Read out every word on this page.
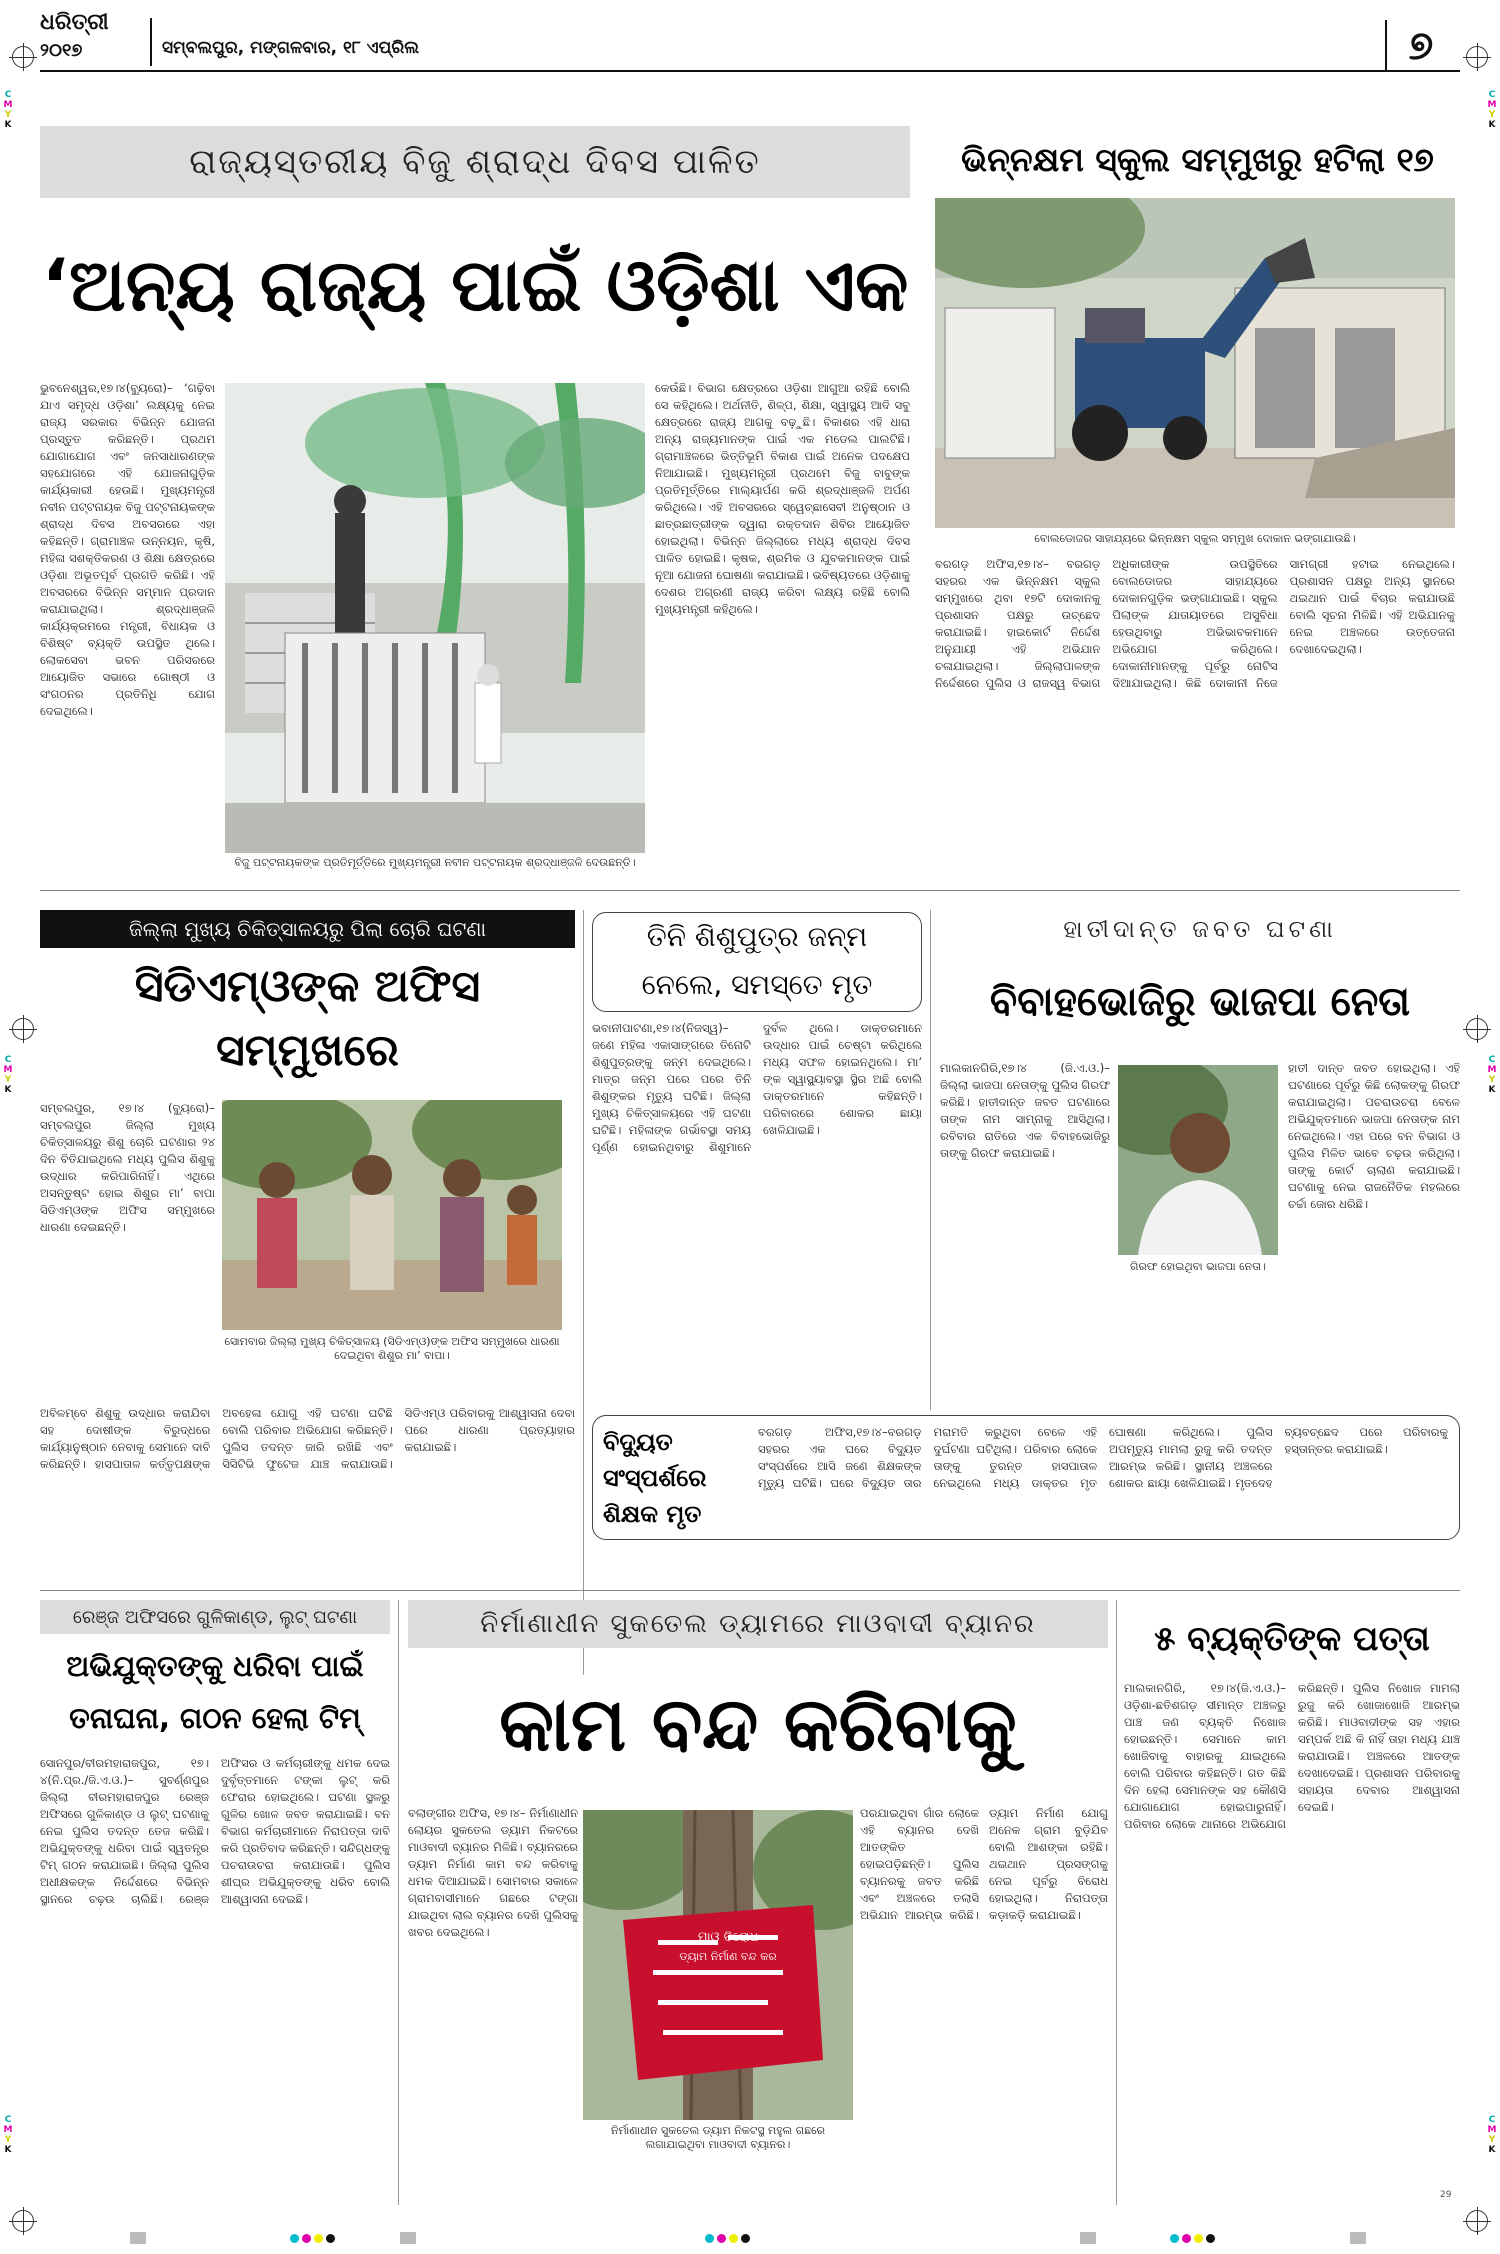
C
M
Y
K
C
M
Y
K
C
M
Y
K
C
M
Y
K
C
M
Y
K
C
M
Y
K
ଧରିତ୍ରୀ
୨୦୧୭	ସମ୍ବଲପୁର, ମଙ୍ଗଳବାର, ୧୮ ଏପ୍ରିଲ	୭
ରାଜ୍ୟସ୍ତରୀୟ ବିଜୁ ଶ୍ରାଦ୍ଧ ଦିବସ ପାଳିତ
‘ଅନ୍ୟ ରାଜ୍ୟ ପାଇଁ ଓଡ଼ିଶା ଏକ
ଭୁବନେଶ୍ୱର,୧୭।୪(ବ୍ୟୁରୋ)– ‘ଗଢ଼ିବା ଯାଏ ସମୃଦ୍ଧ ଓଡ଼ିଶା’ ଲକ୍ଷ୍ୟକୁ ନେଇ ରାଜ୍ୟ ସରକାର ବିଭିନ୍ନ ଯୋଜନା ପ୍ରସ୍ତୁତ କରିଛନ୍ତି। ପ୍ରଥମ ଯୋଗାଯୋଗ ଏବଂ ଜନସାଧାରଣଙ୍କ ସହଯୋଗରେ ଏହି ଯୋଜନାଗୁଡ଼ିକ କାର୍ଯ୍ୟକାରୀ ହେଉଛି। ମୁଖ୍ୟମନ୍ତ୍ରୀ ନବୀନ ପଟ୍ଟନାୟକ ବିଜୁ ପଟ୍ଟନାୟକଙ୍କ ଶ୍ରାଦ୍ଧ ଦିବସ ଅବସରରେ ଏହା କହିଛନ୍ତି। ଗ୍ରାମାଞ୍ଚଳ ଉନ୍ନୟନ, କୃଷି, ମହିଳା ସଶକ୍ତିକରଣ ଓ ଶିକ୍ଷା କ୍ଷେତ୍ରରେ ଓଡ଼ିଶା ଅଭୂତପୂର୍ବ ପ୍ରଗତି କରିଛି। ଏହି ଅବସରରେ ବିଭିନ୍ନ ସମ୍ମାନ ପ୍ରଦାନ କରାଯାଇଥିଲା। ଶ୍ରଦ୍ଧାଞ୍ଜଳି କାର୍ଯ୍ୟକ୍ରମରେ ମନ୍ତ୍ରୀ, ବିଧାୟକ ଓ ବିଶିଷ୍ଟ ବ୍ୟକ୍ତି ଉପସ୍ଥିତ ଥିଲେ। ଲୋକସେବା ଭବନ ପରିସରରେ ଆୟୋଜିତ ସଭାରେ ଗୋଷ୍ଠୀ ଓ ସଂଗଠନର ପ୍ରତିନିଧି ଯୋଗ ଦେଇଥିଲେ।
ବିଜୁ ପଟ୍ଟନାୟକଙ୍କ ପ୍ରତିମୂର୍ତ୍ତିରେ ମୁଖ୍ୟମନ୍ତ୍ରୀ ନବୀନ ପଟ୍ଟନାୟକ ଶ୍ରଦ୍ଧାଞ୍ଜଳି ଦେଉଛନ୍ତି।
କେଉଁଛି। ବିଭାଗ କ୍ଷେତ୍ରରେ ଓଡ଼ିଶା ଆଗୁଆ ରହିଛି ବୋଲି ସେ କହିଥିଲେ। ଅର୍ଥନୀତି, ଶିଳ୍ପ, ଶିକ୍ଷା, ସ୍ୱାସ୍ଥ୍ୟ ଆଦି ସବୁ କ୍ଷେତ୍ରରେ ରାଜ୍ୟ ଆଗକୁ ବଢ଼ୁଛି। ବିକାଶର ଏହି ଧାରା ଅନ୍ୟ ରାଜ୍ୟମାନଙ୍କ ପାଇଁ ଏକ ମଡେଲ ପାଲଟିଛି। ଗ୍ରାମାଞ୍ଚଳରେ ଭିତ୍ତିଭୂମି ବିକାଶ ପାଇଁ ଅନେକ ପଦକ୍ଷେପ ନିଆଯାଇଛି। ମୁଖ୍ୟମନ୍ତ୍ରୀ ପ୍ରଥମେ ବିଜୁ ବାବୁଙ୍କ ପ୍ରତିମୂର୍ତ୍ତିରେ ମାଲ୍ୟାର୍ପଣ କରି ଶ୍ରଦ୍ଧାଞ୍ଜଳି ଅର୍ପଣ କରିଥିଲେ। ଏହି ଅବସରରେ ସ୍ୱେଚ୍ଛାସେବୀ ଅନୁଷ୍ଠାନ ଓ ଛାତ୍ରଛାତ୍ରୀଙ୍କ ଦ୍ୱାରା ରକ୍ତଦାନ ଶିବିର ଆୟୋଜିତ ହୋଇଥିଲା। ବିଭିନ୍ନ ଜିଲ୍ଲାରେ ମଧ୍ୟ ଶ୍ରାଦ୍ଧ ଦିବସ ପାଳିତ ହୋଇଛି। କୃଷକ, ଶ୍ରମିକ ଓ ଯୁବକମାନଙ୍କ ପାଇଁ ନୂଆ ଯୋଜନା ଘୋଷଣା କରାଯାଇଛି। ଭବିଷ୍ୟତରେ ଓଡ଼ିଶାକୁ ଦେଶର ଅଗ୍ରଣୀ ରାଜ୍ୟ କରିବା ଲକ୍ଷ୍ୟ ରହିଛି ବୋଲି ମୁଖ୍ୟମନ୍ତ୍ରୀ କହିଥିଲେ।
ଭିନ୍ନକ୍ଷମ ସ୍କୁଲ ସମ୍ମୁଖରୁ ହଟିଲା ୧୭
ବୋଲଡୋଜର ସାହାଯ୍ୟରେ ଭିନ୍ନକ୍ଷମ ସ୍କୁଲ ସମ୍ମୁଖ ଦୋକାନ ଭଙ୍ଗାଯାଉଛି।
ବରଗଡ଼ ଅଫିସ,୧୭।୪– ବରଗଡ଼ ସହରର ଏକ ଭିନ୍ନକ୍ଷମ ସ୍କୁଲ ସମ୍ମୁଖରେ ଥିବା ୧୭ଟି ଦୋକାନକୁ ପ୍ରଶାସନ ପକ୍ଷରୁ ଉଚ୍ଛେଦ କରାଯାଇଛି। ହାଇକୋର୍ଟ ନିର୍ଦ୍ଦେଶ ଅନୁଯାୟୀ ଏହି ଅଭିଯାନ ଚଳାଯାଇଥିଲା। ଜିଲ୍ଲାପାଳଙ୍କ ନିର୍ଦ୍ଦେଶରେ ପୁଲିସ ଓ ରାଜସ୍ୱ ବିଭାଗ ଅଧିକାରୀଙ୍କ ଉପସ୍ଥିତିରେ ବୋଲଡୋଜର ସାହାଯ୍ୟରେ ଦୋକାନଗୁଡ଼ିକ ଭଙ୍ଗାଯାଇଛି। ସ୍କୁଲ ପିଲାଙ୍କ ଯାତାୟାତରେ ଅସୁବିଧା ହେଉଥିବାରୁ ଅଭିଭାବକମାନେ ଅଭିଯୋଗ କରିଥିଲେ। ଦୋକାନୀମାନଙ୍କୁ ପୂର୍ବରୁ ନୋଟିସ ଦିଆଯାଇଥିଲା। କିଛି ଦୋକାନୀ ନିଜେ ସାମଗ୍ରୀ ହଟାଇ ନେଇଥିଲେ। ପ୍ରଶାସନ ପକ୍ଷରୁ ଅନ୍ୟ ସ୍ଥାନରେ ଥଇଥାନ ପାଇଁ ବିଚାର କରାଯାଉଛି ବୋଲି ସୂଚନା ମିଳିଛି। ଏହି ଅଭିଯାନକୁ ନେଇ ଅଞ୍ଚଳରେ ଉତ୍ତେଜନା ଦେଖାଦେଇଥିଲା।
ଜିଲ୍ଲା ମୁଖ୍ୟ ଚିକିତ୍ସାଳୟରୁ ପିଲା ଚୋରି ଘଟଣା
ସିଡିଏମ୍ଓଙ୍କ ଅଫିସ ସମ୍ମୁଖରେ
ସମ୍ବଲପୁର, ୧୭।୪ (ବ୍ୟୁରୋ)– ସମ୍ବଲପୁର ଜିଲ୍ଲା ମୁଖ୍ୟ ଚିକିତ୍ସାଳୟରୁ ଶିଶୁ ଚୋରି ଘଟଣାର ୨୪ ଦିନ ବିତିଯାଇଥିଲେ ମଧ୍ୟ ପୁଲିସ ଶିଶୁକୁ ଉଦ୍ଧାର କରିପାରିନାହିଁ। ଏଥିରେ ଅସନ୍ତୁଷ୍ଟ ହୋଇ ଶିଶୁର ମା’ ବାପା ସିଡିଏମ୍ଓଙ୍କ ଅଫିସ ସମ୍ମୁଖରେ ଧାରଣା ଦେଇଛନ୍ତି।
ସୋମବାର ଜିଲ୍ଲା ମୁଖ୍ୟ ଚିକିତ୍ସାଳୟ (ସିଡିଏମ୍ଓ)ଙ୍କ ଅଫିସ ସମ୍ମୁଖରେ ଧାରଣା ଦେଇଥିବା ଶିଶୁର ମା’ ବାପା।
ଅବିଳମ୍ବେ ଶିଶୁକୁ ଉଦ୍ଧାର କରାଯିବା ସହ ଦୋଷୀଙ୍କ ବିରୁଦ୍ଧରେ କାର୍ଯ୍ୟାନୁଷ୍ଠାନ ନେବାକୁ ସେମାନେ ଦାବି କରିଛନ୍ତି। ହାସପାତାଳ କର୍ତ୍ତୃପକ୍ଷଙ୍କ ଅବହେଳା ଯୋଗୁ ଏହି ଘଟଣା ଘଟିଛି ବୋଲି ପରିବାର ଅଭିଯୋଗ କରିଛନ୍ତି। ପୁଲିସ ତଦନ୍ତ ଜାରି ରଖିଛି ଏବଂ ସିସିଟିଭି ଫୁଟେଜ ଯାଞ୍ଚ କରାଯାଉଛି। ସିଡିଏମ୍ଓ ପରିବାରକୁ ଆଶ୍ୱାସନା ଦେବା ପରେ ଧାରଣା ପ୍ରତ୍ୟାହାର କରାଯାଇଛି।
ତିନି ଶିଶୁପୁତ୍ର ଜନ୍ମ
ନେଲେ, ସମସ୍ତେ ମୃତ
ଭବାନୀପାଟଣା,୧୭।୪(ନିଜସ୍ୱ)– ଜଣେ ମହିଳା ଏକାସାଙ୍ଗରେ ତିନୋଟି ଶିଶୁପୁତ୍ରଙ୍କୁ ଜନ୍ମ ଦେଇଥିଲେ। ମାତ୍ର ଜନ୍ମ ପରେ ପରେ ତିନି ଶିଶୁଙ୍କର ମୃତ୍ୟୁ ଘଟିଛି। ଜିଲ୍ଲା ମୁଖ୍ୟ ଚିକିତ୍ସାଳୟରେ ଏହି ଘଟଣା ଘଟିଛି। ମହିଳାଙ୍କ ଗର୍ଭାବସ୍ଥା ସମୟ ପୂର୍ଣ୍ଣ ହୋଇନଥିବାରୁ ଶିଶୁମାନେ ଦୁର୍ବଳ ଥିଲେ। ଡାକ୍ତରମାନେ ଉଦ୍ଧାର ପାଇଁ ଚେଷ୍ଟା କରିଥିଲେ ମଧ୍ୟ ସଫଳ ହୋଇନଥିଲେ। ମା’ ଙ୍କ ସ୍ୱାସ୍ଥ୍ୟାବସ୍ଥା ସ୍ଥିର ଅଛି ବୋଲି ଡାକ୍ତରମାନେ କହିଛନ୍ତି। ପରିବାରରେ ଶୋକର ଛାୟା ଖେଳିଯାଇଛି।
ହାତୀଦାନ୍ତ ଜବତ ଘଟଣା
ବିବାହଭୋଜିରୁ ଭାଜପା ନେତା
ମାଲକାନଗିରି,୧୭।୪ (ଜି.ଏ.ଓ.)– ଜିଲ୍ଲା ଭାଜପା ନେତାଙ୍କୁ ପୁଲିସ ଗିରଫ କରିଛି। ହାତୀଦାନ୍ତ ଜବତ ଘଟଣାରେ ତାଙ୍କ ନାମ ସାମ୍ନାକୁ ଆସିଥିଲା। ରବିବାର ରାତିରେ ଏକ ବିବାହଭୋଜିରୁ ତାଙ୍କୁ ଗିରଫ କରାଯାଇଛି।
ଗିରଫ ହୋଇଥିବା ଭାଜପା ନେତା।
ହାତୀ ଦାନ୍ତ ଜବତ ହୋଇଥିଲା। ଏହି ଘଟଣାରେ ପୂର୍ବରୁ କିଛି ଲୋକଙ୍କୁ ଗିରଫ କରାଯାଇଥିଲା। ପଚରାଉଚରା ବେଳେ ଅଭିଯୁକ୍ତମାନେ ଭାଜପା ନେତାଙ୍କ ନାମ ନେଇଥିଲେ। ଏହା ପରେ ବନ ବିଭାଗ ଓ ପୁଲିସ ମିଳିତ ଭାବେ ଚଢ଼ଉ କରିଥିଲା। ତାଙ୍କୁ କୋର୍ଟ ଚାଲାଣ କରାଯାଇଛି। ଘଟଣାକୁ ନେଇ ରାଜନୈତିକ ମହଲରେ ଚର୍ଚ୍ଚା ଜୋର ଧରିଛି।
ବିଦ୍ୟୁତ
ସଂସ୍ପର୍ଶରେ
ଶିକ୍ଷକ ମୃତ
ବରଗଡ଼ ଅଫିସ,୧୭।୪–ବରଗଡ଼ ସହରର ଏକ ଘରେ ବିଦ୍ୟୁତ ସଂସ୍ପର୍ଶରେ ଆସି ଜଣେ ଶିକ୍ଷକଙ୍କ ମୃତ୍ୟୁ ଘଟିଛି। ଘରେ ବିଦ୍ୟୁତ ତାର ମରାମତି କରୁଥିବା ବେଳେ ଏହି ଦୁର୍ଘଟଣା ଘଟିଥିଲା। ପରିବାର ଲୋକେ ତାଙ୍କୁ ତୁରନ୍ତ ହାସପାତାଳ ନେଇଥିଲେ ମଧ୍ୟ ଡାକ୍ତର ମୃତ ଘୋଷଣା କରିଥିଲେ। ପୁଲିସ ଅପମୃତ୍ୟୁ ମାମଲା ରୁଜୁ କରି ତଦନ୍ତ ଆରମ୍ଭ କରିଛି। ସ୍ଥାନୀୟ ଅଞ୍ଚଳରେ ଶୋକର ଛାୟା ଖେଳିଯାଇଛି। ମୃତଦେହ ବ୍ୟବଚ୍ଛେଦ ପରେ ପରିବାରକୁ ହସ୍ତାନ୍ତର କରାଯାଇଛି।
ରେଞ୍ଜ ଅଫିସରେ ଗୁଳିକାଣ୍ଡ, ଲୁଟ୍ ଘଟଣା
ଅଭିଯୁକ୍ତଙ୍କୁ ଧରିବା ପାଇଁ
ତନାଘନା, ଗଠନ ହେଲା ଟିମ୍
ସୋନପୁର/ବୀରମହାରାଜପୁର, ୧୭।୪(ନି.ପ୍ର./ଜି.ଏ.ଓ.)– ସୁବର୍ଣ୍ଣପୁର ଜିଲ୍ଲା ବୀରମହାରାଜପୁର ରେଞ୍ଜ ଅଫିସରେ ଗୁଳିକାଣ୍ଡ ଓ ଲୁଟ୍ ଘଟଣାକୁ ନେଇ ପୁଲିସ ତଦନ୍ତ ତେଜ କରିଛି। ଅଭିଯୁକ୍ତଙ୍କୁ ଧରିବା ପାଇଁ ସ୍ୱତନ୍ତ୍ର ଟିମ୍ ଗଠନ କରାଯାଇଛି। ଜିଲ୍ଲା ପୁଲିସ ଅଧୀକ୍ଷକଙ୍କ ନିର୍ଦ୍ଦେଶରେ ବିଭିନ୍ନ ସ୍ଥାନରେ ଚଢ଼ଉ ଚାଲିଛି। ରେଞ୍ଜ ଅଫିସର ଓ କର୍ମଚାରୀଙ୍କୁ ଧମକ ଦେଇ ଦୁର୍ବୃତ୍ତମାନେ ଟଙ୍କା ଲୁଟ୍ କରି ଫେରାର ହୋଇଥିଲେ। ଘଟଣା ସ୍ଥଳରୁ ଗୁଳିର ଖୋଳ ଜବତ କରାଯାଇଛି। ବନ ବିଭାଗ କର୍ମଚାରୀମାନେ ନିରାପତ୍ତା ଦାବି କରି ପ୍ରତିବାଦ କରିଛନ୍ତି। ସନ୍ଦିଗ୍ଧଙ୍କୁ ପଚରାଉଚରା କରାଯାଉଛି। ପୁଲିସ ଶୀଘ୍ର ଅଭିଯୁକ୍ତଙ୍କୁ ଧରିବ ବୋଲି ଆଶ୍ୱାସନା ଦେଇଛି।
ନିର୍ମାଣାଧୀନ ସୁକତେଲ ଡ୍ୟାମରେ ମାଓବାଦୀ ବ୍ୟାନର
କାମ ବନ୍ଦ କରିବାକୁ
ବଲାଙ୍ଗୀର ଅଫିସ, ୧୭।୪– ନିର୍ମାଣାଧୀନ ଲୋୟର ସୁକତେଲ ଡ୍ୟାମ ନିକଟରେ ମାଓବାଦୀ ବ୍ୟାନର ମିଳିଛି। ବ୍ୟାନରରେ ଡ୍ୟାମ ନିର୍ମାଣ କାମ ବନ୍ଦ କରିବାକୁ ଧମକ ଦିଆଯାଇଛି। ସୋମବାର ସକାଳେ ଗ୍ରାମବାସୀମାନେ ଗଛରେ ଟଙ୍ଗା ଯାଇଥିବା ଲାଲ ବ୍ୟାନର ଦେଖି ପୁଲିସକୁ ଖବର ଦେଇଥିଲେ।	ମାଓ ବିରୋଧ
ଡ୍ୟାମ ନିର୍ମାଣ ବନ୍ଦ କର
ନିର୍ମାଣାଧୀନ ସୁକତେଲ ଡ୍ୟାମ ନିକଟସ୍ଥ ମହୁଲ ଗଛରେ ଲଗାଯାଇଥିବା ମାଓବାଦୀ ବ୍ୟାନର।
ପରଯାଇଥିବା ଗାଁର ଲୋକେ ଏହି ବ୍ୟାନର ଦେଖି ଆତଙ୍କିତ ହୋଇପଡ଼ିଛନ୍ତି। ପୁଲିସ ବ୍ୟାନରକୁ ଜବତ କରିଛି ଏବଂ ଅଞ୍ଚଳରେ ତଲାସି ଅଭିଯାନ ଆରମ୍ଭ କରିଛି। ଡ୍ୟାମ ନିର୍ମାଣ ଯୋଗୁ ଅନେକ ଗ୍ରାମ ବୁଡ଼ିଯିବ ବୋଲି ଆଶଙ୍କା ରହିଛି। ଥଇଥାନ ପ୍ରସଙ୍ଗକୁ ନେଇ ପୂର୍ବରୁ ବିରୋଧ ହୋଇଥିଲା। ନିରାପତ୍ତା କଡ଼ାକଡ଼ି କରାଯାଇଛି।
୫ ବ୍ୟକ୍ତିଙ୍କ ପତ୍ତା
ମାଲକାନଗିରି, ୧୭।୪(ଜି.ଏ.ଓ.)– ଓଡ଼ିଶା-ଛତିଶଗଡ଼ ସୀମାନ୍ତ ଅଞ୍ଚଳରୁ ପାଞ୍ଚ ଜଣ ବ୍ୟକ୍ତି ନିଖୋଜ ହୋଇଛନ୍ତି। ସେମାନେ କାମ ଖୋଜିବାକୁ ବାହାରକୁ ଯାଇଥିଲେ ବୋଲି ପରିବାର କହିଛନ୍ତି। ଗତ କିଛି ଦିନ ହେଲା ସେମାନଙ୍କ ସହ କୌଣସି ଯୋଗାଯୋଗ ହୋଇପାରୁନାହିଁ। ପରିବାର ଲୋକେ ଥାନାରେ ଅଭିଯୋଗ କରିଛନ୍ତି। ପୁଲିସ ନିଖୋଜ ମାମଲା ରୁଜୁ କରି ଖୋଜାଖୋଜି ଆରମ୍ଭ କରିଛି। ମାଓବାଦୀଙ୍କ ସହ ଏହାର ସମ୍ପର୍କ ଅଛି କି ନାହିଁ ତାହା ମଧ୍ୟ ଯାଞ୍ଚ କରାଯାଉଛି। ଅଞ୍ଚଳରେ ଆତଙ୍କ ଦେଖାଦେଇଛି। ପ୍ରଶାସନ ପରିବାରକୁ ସହାୟତା ଦେବାର ଆଶ୍ୱାସନା ଦେଇଛି।
29
